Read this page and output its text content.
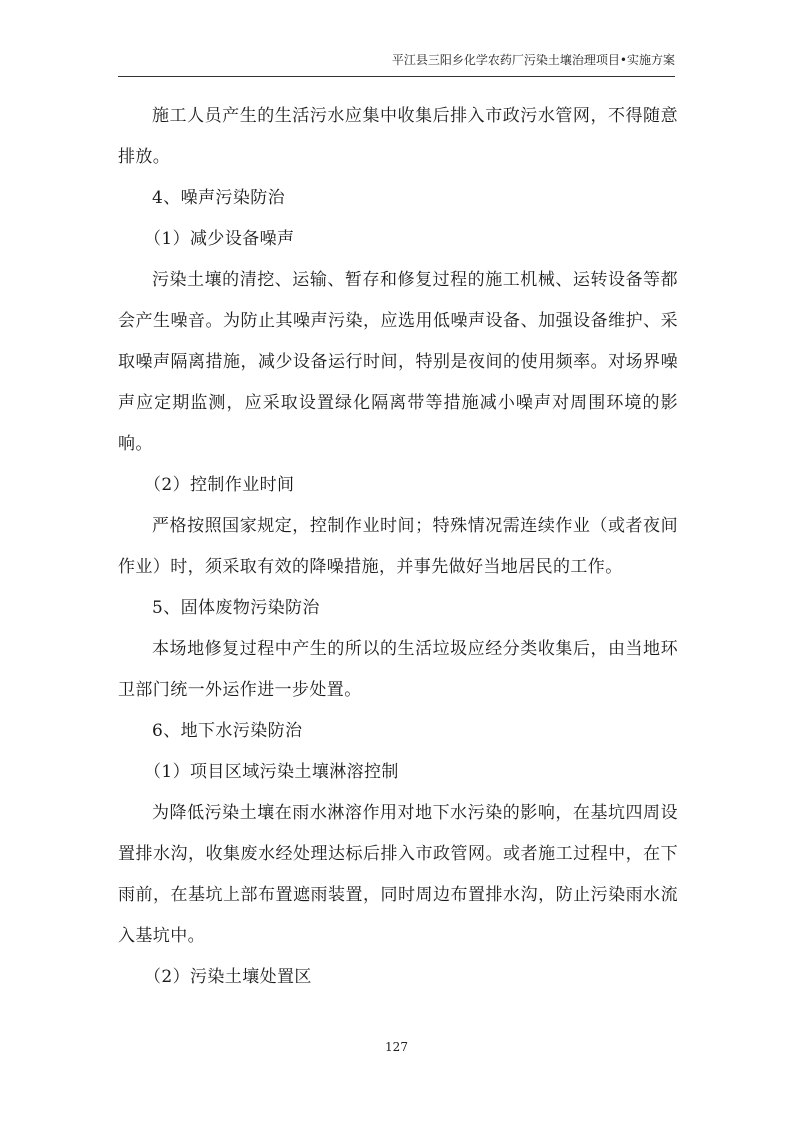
平江县三阳乡化学农药厂污染土壤治理项目•实施方案

施工人员产生的生活污水应集中收集后排入市政污水管网，不得随意排放。

4、噪声污染防治

（1）减少设备噪声

污染土壤的清挖、运输、暂存和修复过程的施工机械、运转设备等都会产生噪音。为防止其噪声污染，应选用低噪声设备、加强设备维护、采取噪声隔离措施，减少设备运行时间，特别是夜间的使用频率。对场界噪声应定期监测，应采取设置绿化隔离带等措施减小噪声对周围环境的影响。

（2）控制作业时间

严格按照国家规定，控制作业时间；特殊情况需连续作业（或者夜间作业）时，须采取有效的降噪措施，并事先做好当地居民的工作。

5、固体废物污染防治

本场地修复过程中产生的所以的生活垃圾应经分类收集后，由当地环卫部门统一外运作进一步处置。

6、地下水污染防治

（1）项目区域污染土壤淋溶控制

为降低污染土壤在雨水淋溶作用对地下水污染的影响，在基坑四周设置排水沟，收集废水经处理达标后排入市政管网。或者施工过程中，在下雨前，在基坑上部布置遮雨装置，同时周边布置排水沟，防止污染雨水流入基坑中。

（2）污染土壤处置区

127
